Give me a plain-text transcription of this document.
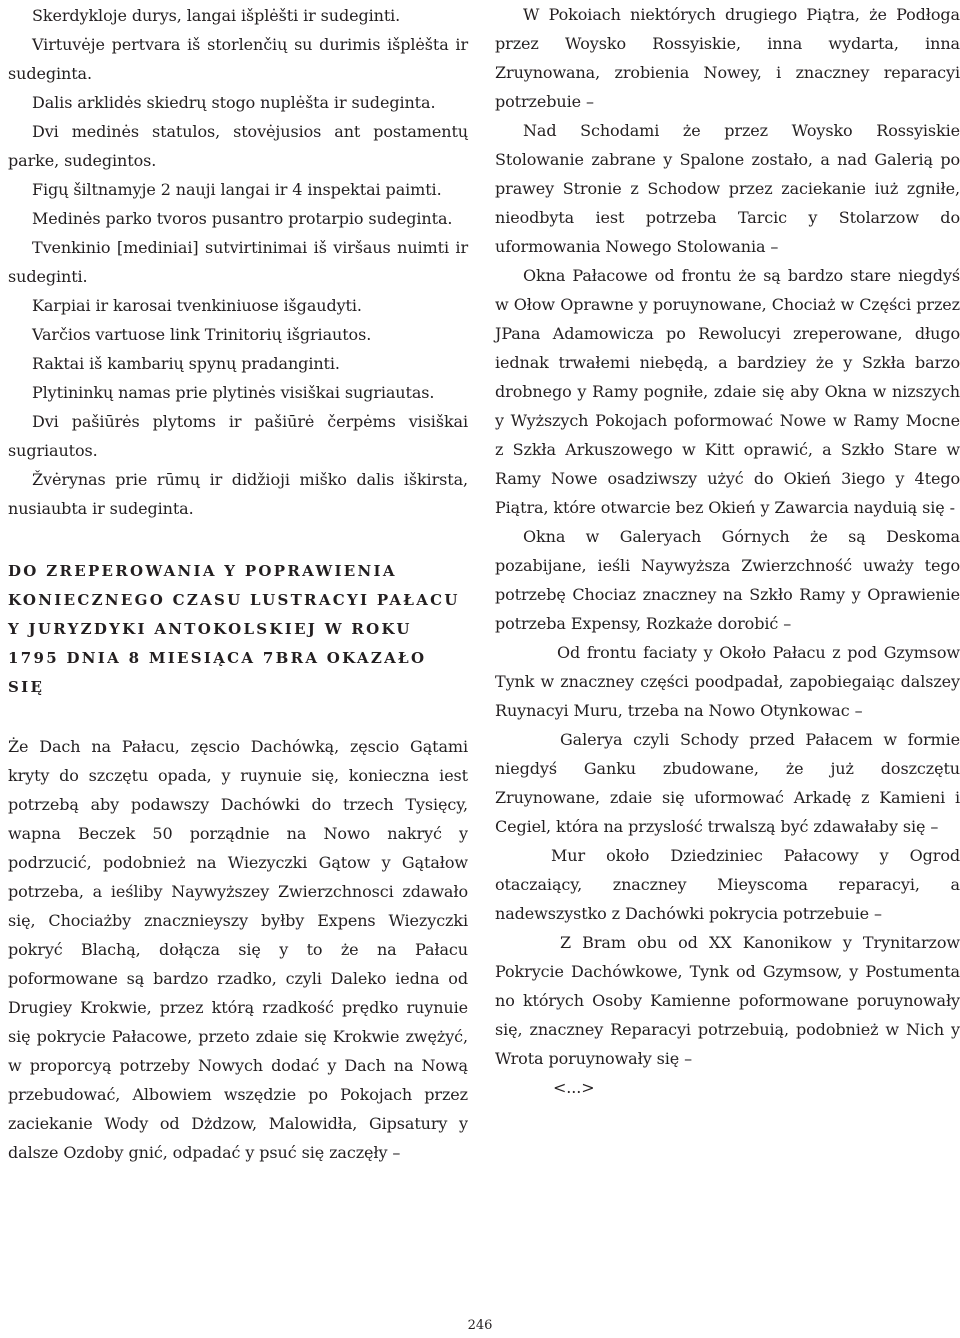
Skerdykloje durys, langai išplėšti ir sudeginti.

Virtuvėje pertvara iš storlenčių su durimis išplėšta ir sudeginta.

Dalis arklidės skiedrų stogo nuplėšta ir sudeginta.

Dvi medinės statulos, stovėjusios ant postamentų parke, sudegintos.

Figų šiltnamyje 2 nauji langai ir 4 inspektai paimti.

Medinės parko tvoros pusantro protarpio sudeginta.

Tvenkinio [mediniai] sutvirtinimai iš viršaus nuimti ir sudeginti.

Karpiai ir karosai tvenkiniuose išgaudyti.

Varčios vartuose link Trinitorių išgriautos.

Raktai iš kambarių spynų pradanginti.

Plytininkų namas prie plytinės visiškai sugriautas.

Dvi pašiūrės plytoms ir pašiūrė čerpėms visiškai sugriautos.

Žvėrynas prie rūmų ir didžioji miško dalis iškirsta, nusiaubta ir sudeginta.

DO ZREPEROWANIA Y POPRAWIENIA KONIECZNEGO CZASU LUSTRACYI PAŁACU Y JURYZDYKI ANTOKOLSKIEJ W ROKU 1795 DNIA 8 MIESIĄCA 7BRA OKAZAŁO SIĘ

Że Dach na Pałacu, zęscio Dachówką, zęscio Gątami kryty do szczętu opada, y ruynuie się, konieczna iest potrzebą aby podawszy Dachówki do trzech Tysięcy, wapna Beczek 50 porządnie na Nowo nakryć y podrzucić, podobnież na Wiezyczki Gątow y Gątałow potrzeba, a ieśliby Naywyższey Zwierzchnosci zdawało się, Chociażby znacznieyszy byłby Expens Wiezyczki pokryć Blachą, dołącza się y to że na Pałacu poformowane są bardzo rzadko, czyli Daleko iedna od Drugiey Krokwie, przez którą rzadkość prędko ruynuie się pokrycie Pałacowe, przeto zdaie się Krokwie zwężyć, w proporcyą potrzeby Nowych dodać y Dach na Nową przebudować, Albowiem wszędzie po Pokojach przez zaciekanie Wody od Dżdzow, Malowidła, Gipsatury y dalsze Ozdoby gnić, odpadać y psuć się zaczęły –

W Pokoiach niektórych drugiego Piątra, że Podłoga przez Woysko Rossyiskie, inna wydarta, inna Zruynowana, zrobienia Nowey, i znaczney reparacyi potrzebuie –

Nad Schodami że przez Woysko Rossyiskie Stolowanie zabrane y Spalone zostało, a nad Galerią po prawey Stronie z Schodow przez zaciekanie iuż zgniłe, nieodbyta iest potrzeba Tarcic y Stolarzow do uformowania Nowego Stolowania –

Okna Pałacowe od frontu że są bardzo stare niegdyś w Ołow Oprawne y poruynowane, Chociaż w Części przez JPana Adamowicza po Rewolucyi zreperowane, długo iednak trwałemi niebędą, a bardziey że y Szkła barzo drobnego y Ramy pogniłe, zdaie się aby Okna w nizszych y Wyższych Pokojach poformować Nowe w Ramy Mocne z Szkła Arkuszowego w Kitt oprawić, a Szkło Stare w Ramy Nowe osadziwszy użyć do Okień 3iego y 4tego Piątra, które otwarcie bez Okień y Zawarcia nayduią się -

Okna w Galeryach Górnych że są Deskoma pozabijane, ieśli Naywyższa Zwierzchność uważy tego potrzebę Chociaz znaczney na Szkło Ramy y Oprawienie potrzeba Expensy, Rozkaże dorobić –

Od frontu faciaty y Około Pałacu z pod Gzymsow Tynk w znaczney części poodpadał, zapobiegaiąc dalszey Ruynacyi Muru, trzeba na Nowo Otynkowac –

Galerya czyli Schody przed Pałacem w formie niegdyś Ganku zbudowane, że już doszczętu Zruynowane, zdaie się uformować Arkadę z Kamieni i Cegiel, która na przyslość trwalszą być zdawałaby się –

Mur około Dziedziniec Pałacowy y Ogrod otaczaiący, znaczney Mieyscoma reparacyi, a nadewszystko z Dachówki pokrycia potrzebuie –

Z Bram obu od XX Kanonikow y Trynitarzow Pokrycie Dachówkowe, Tynk od Gzymsow, y Postumenta no których Osoby Kamienne poformowane poruynowały się, znaczney Reparacyi potrzebuią, podobnież w Nich y Wrota poruynowały się –

<...>

246
